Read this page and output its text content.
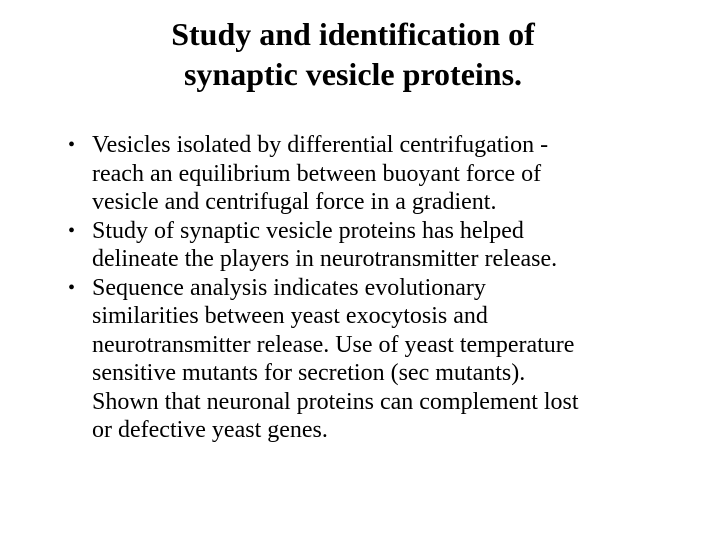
Study and identification of
synaptic vesicle proteins.
• Vesicles isolated by differential centrifugation -
reach an equilibrium between buoyant force of
vesicle and centrifugal force in a gradient.
• Study of synaptic vesicle proteins has helped
delineate the players in neurotransmitter release.
• Sequence analysis indicates evolutionary
similarities between yeast exocytosis and
neurotransmitter release. Use of yeast temperature
sensitive mutants for secretion (sec mutants).
Shown that neuronal proteins can complement lost
or defective yeast genes.
